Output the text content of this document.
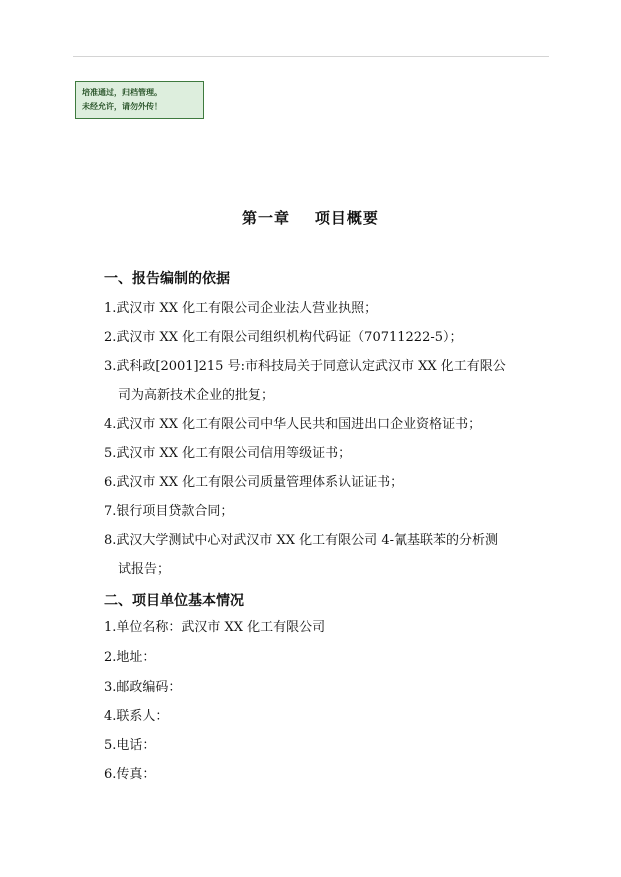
培准通过，归档管理。
未经允许，请勿外传！
第一章    项目概要
一、报告编制的依据
1.武汉市 XX 化工有限公司企业法人营业执照；
2.武汉市 XX 化工有限公司组织机构代码证（70711222-5）；
3.武科政[2001]215 号:市科技局关于同意认定武汉市 XX 化工有限公
司为高新技术企业的批复；
4.武汉市 XX 化工有限公司中华人民共和国进出口企业资格证书；
5.武汉市 XX 化工有限公司信用等级证书；
6.武汉市 XX 化工有限公司质量管理体系认证证书；
7.银行项目贷款合同；
8.武汉大学测试中心对武汉市 XX 化工有限公司 4-氰基联苯的分析测
试报告；
二、项目单位基本情况
1.单位名称：武汉市 XX 化工有限公司
2.地址：
3.邮政编码：
4.联系人：
5.电话：
6.传真：
